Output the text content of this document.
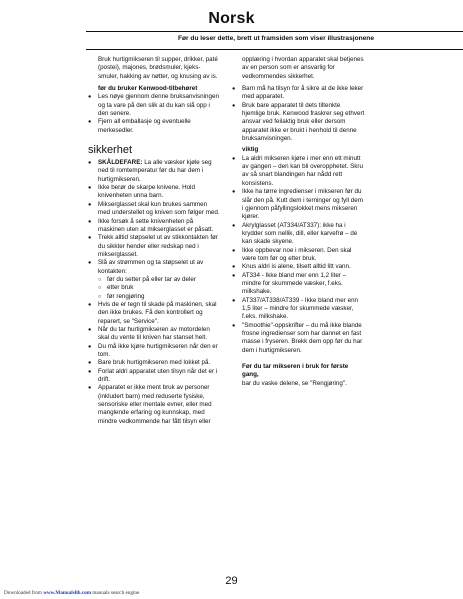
Norsk
Før du leser dette, brett ut framsiden som viser illustrasjonene

Bruk hurtigmikseren til supper, drikker, paté (postei), majones, brødsmuler, kjeks-smuler, hakking av nøtter, og knusing av is.

før du bruker Kenwood-tilbehøret
● Les nøye gjennom denne bruksanvisningen og ta vare på den slik at du kan slå opp i den senere.
● Fjern all emballasje og eventuelle merkesedler.
sikkerhet
● SKÅLDEFARE: La alle væsker kjøle seg ned til romtemperatur før du har dem i hurtigmikseren.
● Ikke berør de skarpe knivene. Hold knivenheten unna barn.
● Mikserglasset skal kun brukes sammen med understellet og kniven som følger med.
● Ikke forsøk å sette knivenheten på maskinen uten at mikserglasset er påsatt.
● Trekk alltid støpselet ut av stikkontakten før du sikkter hender eller redskap ned i mikserglasset.
● Slå av strømmen og ta støpselet ut av kontakten:
○ før du setter på eller tar av deler
○ etter bruk
○ før rengjøring
● Hvis de er tegn til skade på maskinen, skal den ikke brukes. Få den kontrollert og reparert, se "Service".
● Når du tar hurtigmikseren av motordelen skal du vente til kniven har stanset helt.
● Du må ikke kjøre hurtigmikseren når den er tom.
● Bare bruk hurtigmikseren med lokket på.
● Forlat aldri apparatet uten tilsyn når det er i drift.
● Apparatet er ikke ment bruk av personer (inkludert barn) med reduserte fysiske, sensoriske eller mentale evner, eller med manglende erfaring og kunnskap, med mindre vedkommende har fått tilsyn eller

opplæring i hvordan apparatet skal betjenes av en person som er ansvarlig for vedkommendes sikkerhet.

● Barn må ha tilsyn for å sikre at de ikke leker med apparatet.
● Bruk bare apparatet til dets tiltenkte hjemlige bruk. Kenwood fraskrer seg ethvert ansvar ved feilaktig bruk eller dersom apparatet ikke er brukt i henhold til denne bruksanvisningen.
viktig
● La aldri mikseren kjøre i mer enn ett minutt av gangen – den kan bli overopphetet. Skru av så snart blandingen har nådd rett konsistens.
● Ikke ha tørre ingredienser i mikseren før du slår den på. Kutt dem i terninger og fyll dem i gjennom påfyllingslokket mens mikseren kjører.
● Akrylglasset (AT334/AT337): ikke ha i krydder som nellik, dill, eller karvefrø – de kan skade skyene.
● Ikke oppbevar noe i mikseren. Den skal være tom før og etter bruk.
● Knus aldri is alene, tilsett alltid litt vann.
● AT334 - Ikke bland mer enn 1,2 liter – mindre for skummede væsker, f.eks. milkshake.
● AT337/AT338/AT339 - Ikke bland mer enn 1,5 liter – mindre for skummede væsker, f.eks. milkshake.
● "Smoothie"-oppskrifter – du må ikke blande frosne ingredienser som har dannet en fast masse i fryseren. Brekk dem opp før du har dem i hurtigmikseren.
Før du tar mikseren i bruk for første gang,

bar du vaske delene, se "Rengjøring".

29
Downloaded from www.Manualslib.com manuals search engine
